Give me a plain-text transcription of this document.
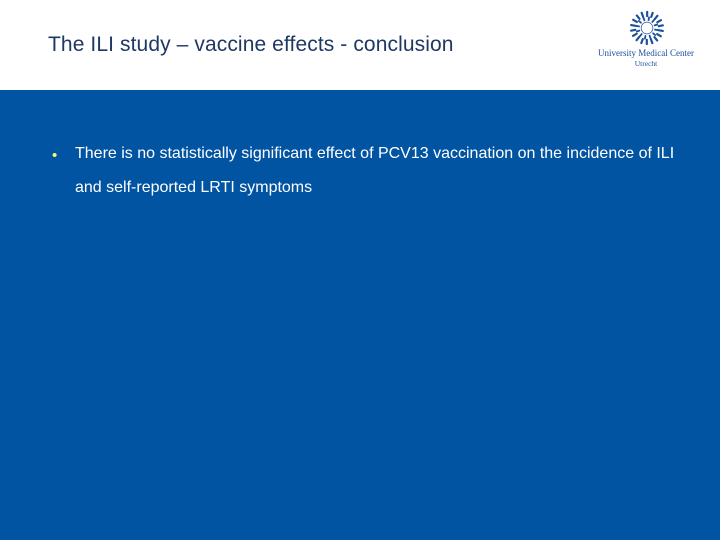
The ILI study – vaccine effects - conclusion	University Medical Center
Utrecht
• There is no statistically significant effect of PCV13 vaccination on the incidence of ILI and self-reported LRTI symptoms
